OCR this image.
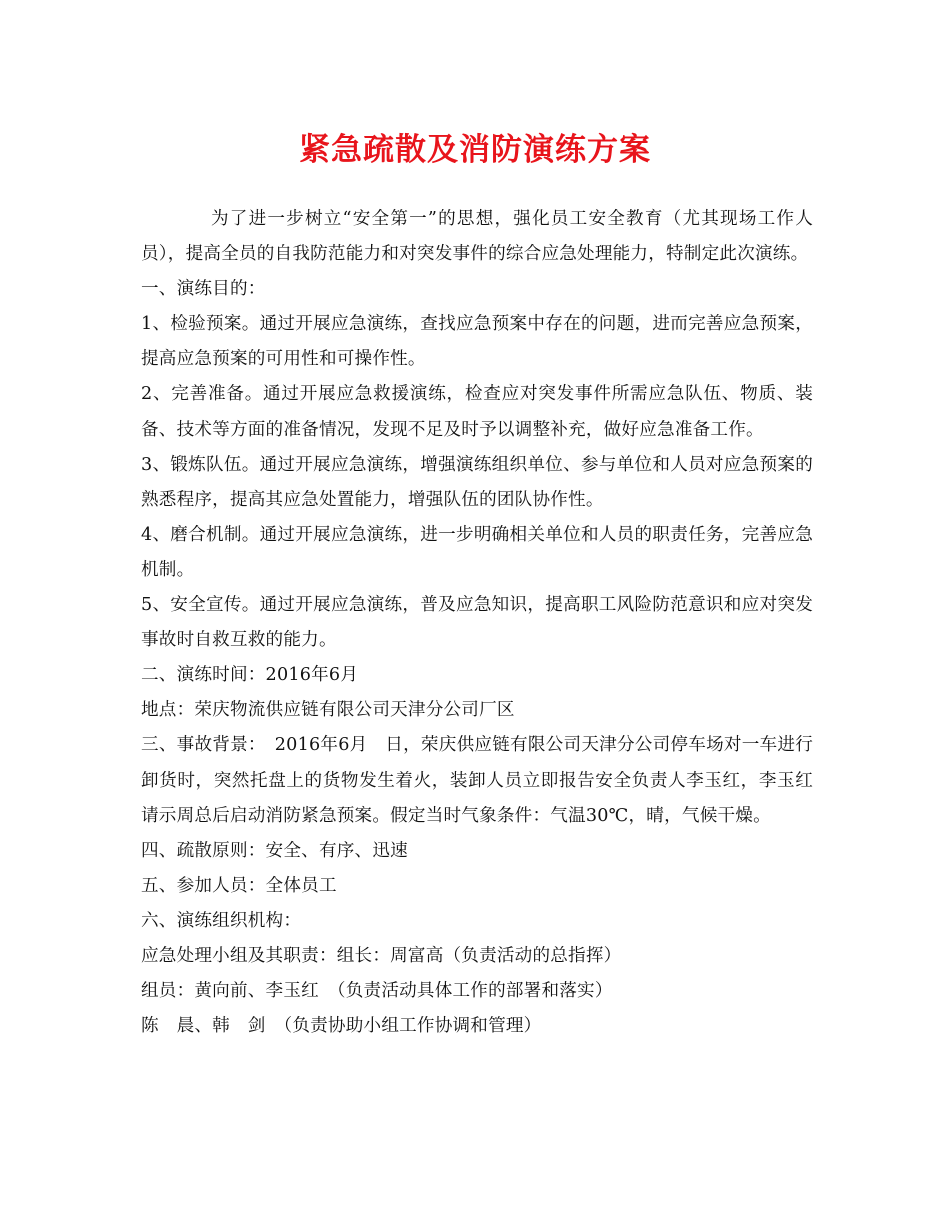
紧急疏散及消防演练方案

为了进一步树立“安全第一”的思想，强化员工安全教育（尤其现场工作人员），提高全员的自我防范能力和对突发事件的综合应急处理能力，特制定此次演练。

一、演练目的：

1、检验预案。通过开展应急演练，查找应急预案中存在的问题，进而完善应急预案，提高应急预案的可用性和可操作性。

2、完善准备。通过开展应急救援演练，检查应对突发事件所需应急队伍、物质、装备、技术等方面的准备情况，发现不足及时予以调整补充，做好应急准备工作。

3、锻炼队伍。通过开展应急演练，增强演练组织单位、参与单位和人员对应急预案的熟悉程序，提高其应急处置能力，增强队伍的团队协作性。

4、磨合机制。通过开展应急演练，进一步明确相关单位和人员的职责任务，完善应急机制。

5、安全宣传。通过开展应急演练，普及应急知识，提高职工风险防范意识和应对突发事故时自救互救的能力。

二、演练时间：2016年6月

地点：荣庆物流供应链有限公司天津分公司厂区

三、事故背景：　2016年6月　日，荣庆供应链有限公司天津分公司停车场对一车进行卸货时，突然托盘上的货物发生着火，装卸人员立即报告安全负责人李玉红，李玉红请示周总后启动消防紧急预案。假定当时气象条件：气温30℃，晴，气候干燥。

四、疏散原则：安全、有序、迅速

五、参加人员：全体员工

六、演练组织机构：

应急处理小组及其职责：组长：周富高（负责活动的总指挥）

组员：黄向前、李玉红　（负责活动具体工作的部署和落实）

陈　晨、韩　剑　（负责协助小组工作协调和管理）
